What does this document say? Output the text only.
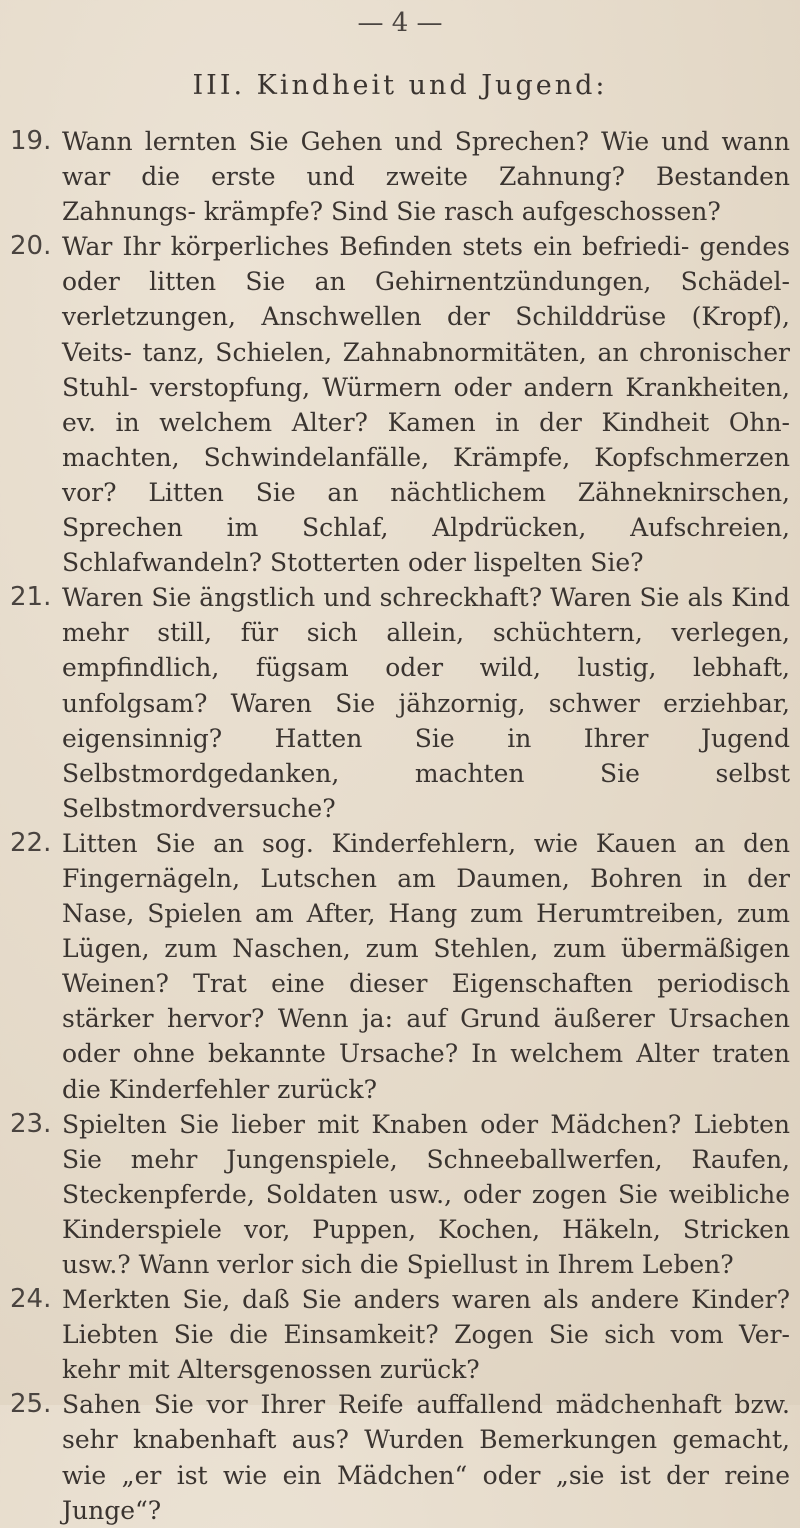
— 4 —
III. Kindheit und Jugend:
19. Wann lernten Sie Gehen und Sprechen? Wie und wann war die erste und zweite Zahnung? Bestanden Zahnungs- krämpfe? Sind Sie rasch aufgeschossen?

20. War Ihr körperliches Befinden stets ein befriedi- gendes oder litten Sie an Gehirnentzündungen, Schädel- verletzungen, Anschwellen der Schilddrüse (Kropf), Veits- tanz, Schielen, Zahnabnormitäten, an chronischer Stuhl- verstopfung, Würmern oder andern Krankheiten, ev. in welchem Alter? Kamen in der Kindheit Ohn- machten, Schwindelanfälle, Krämpfe, Kopfschmerzen vor? Litten Sie an nächtlichem Zähneknirschen, Sprechen im Schlaf, Alpdrücken, Aufschreien, Schlafwandeln? Stotterten oder lispelten Sie?

21. Waren Sie ängstlich und schreckhaft? Waren Sie als Kind mehr still, für sich allein, schüchtern, verlegen, empfindlich, fügsam oder wild, lustig, lebhaft, unfolgsam? Waren Sie jähzornig, schwer erziehbar, eigensinnig? Hatten Sie in Ihrer Jugend Selbstmordgedanken, machten Sie selbst Selbstmordversuche?

22. Litten Sie an sog. Kinderfehlern, wie Kauen an den Fingernägeln, Lutschen am Daumen, Bohren in der Nase, Spielen am After, Hang zum Herumtreiben, zum Lügen, zum Naschen, zum Stehlen, zum übermäßigen Weinen? Trat eine dieser Eigenschaften periodisch stärker hervor? Wenn ja: auf Grund äußerer Ursachen oder ohne bekannte Ursache? In welchem Alter traten die Kinderfehler zurück?

23. Spielten Sie lieber mit Knaben oder Mädchen? Liebten Sie mehr Jungenspiele, Schneeballwerfen, Raufen, Steckenpferde, Soldaten usw., oder zogen Sie weibliche Kinderspiele vor, Puppen, Kochen, Häkeln, Stricken usw.? Wann verlor sich die Spiellust in Ihrem Leben?

24. Merkten Sie, daß Sie anders waren als andere Kinder? Liebten Sie die Einsamkeit? Zogen Sie sich vom Ver- kehr mit Altersgenossen zurück?

25. Sahen Sie vor Ihrer Reife auffallend mädchenhaft bzw. sehr knabenhaft aus? Wurden Bemerkungen gemacht, wie „er ist wie ein Mädchen“ oder „sie ist der reine Junge“?
